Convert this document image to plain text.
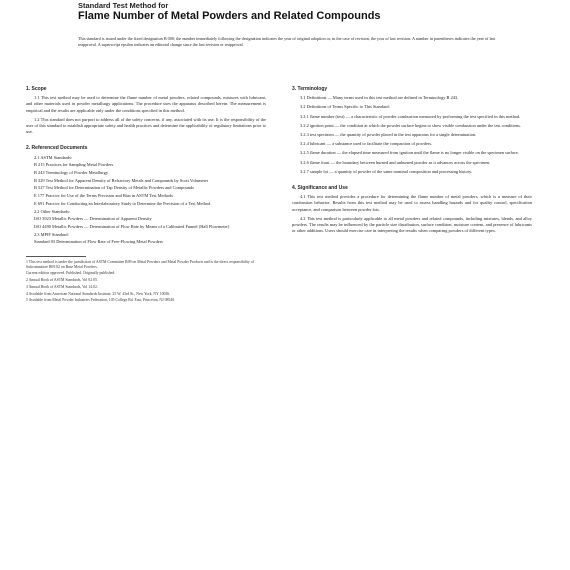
Standard Test Method for
Flame Number of Metal Powders and Related Compounds
This standard is issued under the fixed designation B 000; the number immediately following the designation indicates the year of original adoption or, in the case of revision, the year of last revision. A number in parentheses indicates the year of last reapproval. A superscript epsilon indicates an editorial change since the last revision or reapproval.
1. Scope
1.1 This test method may be used to determine the flame number of metal powders, related compounds, mixtures with lubricant, and other materials used in powder metallurgy applications. The procedure uses the apparatus described herein. The measurement is empirical and the results are applicable only under the conditions specified in this method.
1.2 This standard does not purport to address all of the safety concerns, if any, associated with its use. It is the responsibility of the user of this standard to establish appropriate safety and health practices and determine the applicability of regulatory limitations prior to use.
2. Referenced Documents
2.1 ASTM Standards:
B 215 Practices for Sampling Metal Powders
B 243 Terminology of Powder Metallurgy
B 329 Test Method for Apparent Density of Refractory Metals and Compounds by Scott Volumeter
B 527 Test Method for Determination of Tap Density of Metallic Powders and Compounds
E 177 Practice for Use of the Terms Precision and Bias in ASTM Test Methods
E 691 Practice for Conducting an Interlaboratory Study to Determine the Precision of a Test Method
2.2 Other Standards:
ISO 3923 Metallic Powders — Determination of Apparent Density
ISO 4490 Metallic Powders — Determination of Flow Rate by Means of a Calibrated Funnel (Hall Flowmeter)
2.3 MPIF Standard:
Standard 03 Determination of Flow Rate of Free-Flowing Metal Powders
1 This test method is under the jurisdiction of ASTM Committee B09 on Metal Powders and Metal Powder Products and is the direct responsibility of Subcommittee B09.02 on Base Metal Powders.
Current edition approved. Published. Originally published.
2 Annual Book of ASTM Standards, Vol 02.05.
3 Annual Book of ASTM Standards, Vol 14.02.
4 Available from American National Standards Institute, 25 W. 43rd St., New York, NY 10036.
5 Available from Metal Powder Industries Federation, 105 College Rd. East, Princeton, NJ 08540.
3. Terminology
3.1 Definitions — Many terms used in this test method are defined in Terminology B 243.
3.2 Definitions of Terms Specific to This Standard:
3.2.1 flame number (test) — a characteristic of powder combustion measured by performing the test specified in this method.
3.2.2 ignition point — the condition at which the powder surface begins to show visible combustion under the test conditions.
3.2.3 test specimen — the quantity of powder placed in the test apparatus for a single determination.
3.2.4 lubricant — a substance used to facilitate the compaction of powders.
3.2.5 flame duration — the elapsed time measured from ignition until the flame is no longer visible on the specimen surface.
3.2.6 flame front — the boundary between burned and unburned powder as it advances across the specimen.
3.2.7 sample lot — a quantity of powder of the same nominal composition and processing history.
4. Significance and Use
4.1 This test method provides a procedure for determining the flame number of metal powders, which is a measure of their combustion behavior. Results from this test method may be used to assess handling hazards and for quality control, specification acceptance, and comparison between powder lots.
4.2 This test method is particularly applicable to all metal powders and related compounds, including mixtures, blends, and alloy powders. The results may be influenced by the particle size distribution, surface condition, moisture content, and presence of lubricants or other additions. Users should exercise care in interpreting the results when comparing powders of different types.
